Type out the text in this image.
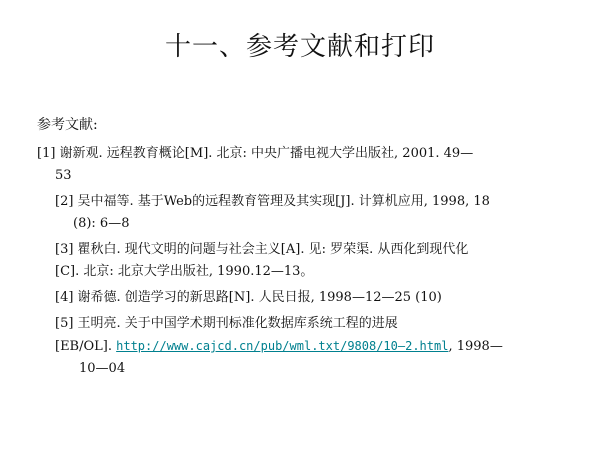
十一、参考文献和打印
参考文献:
[1] 谢新观. 远程教育概论[M]. 北京: 中央广播电视大学出版社, 2001. 49—
53
[2] 吴中福等. 基于Web的远程教育管理及其实现[J]. 计算机应用, 1998, 18
(8): 6—8
[3] 瞿秋白. 现代文明的问题与社会主义[A]. 见: 罗荣渠. 从西化到现代化
[C]. 北京: 北京大学出版社, 1990.12—13。
[4] 谢希德. 创造学习的新思路[N]. 人民日报, 1998—12—25 (10)
[5] 王明亮. 关于中国学术期刊标准化数据库系统工程的进展
[EB/OL]. http://www.cajcd.cn/pub/wml.txt/9808/10—2.html, 1998—
10—04
